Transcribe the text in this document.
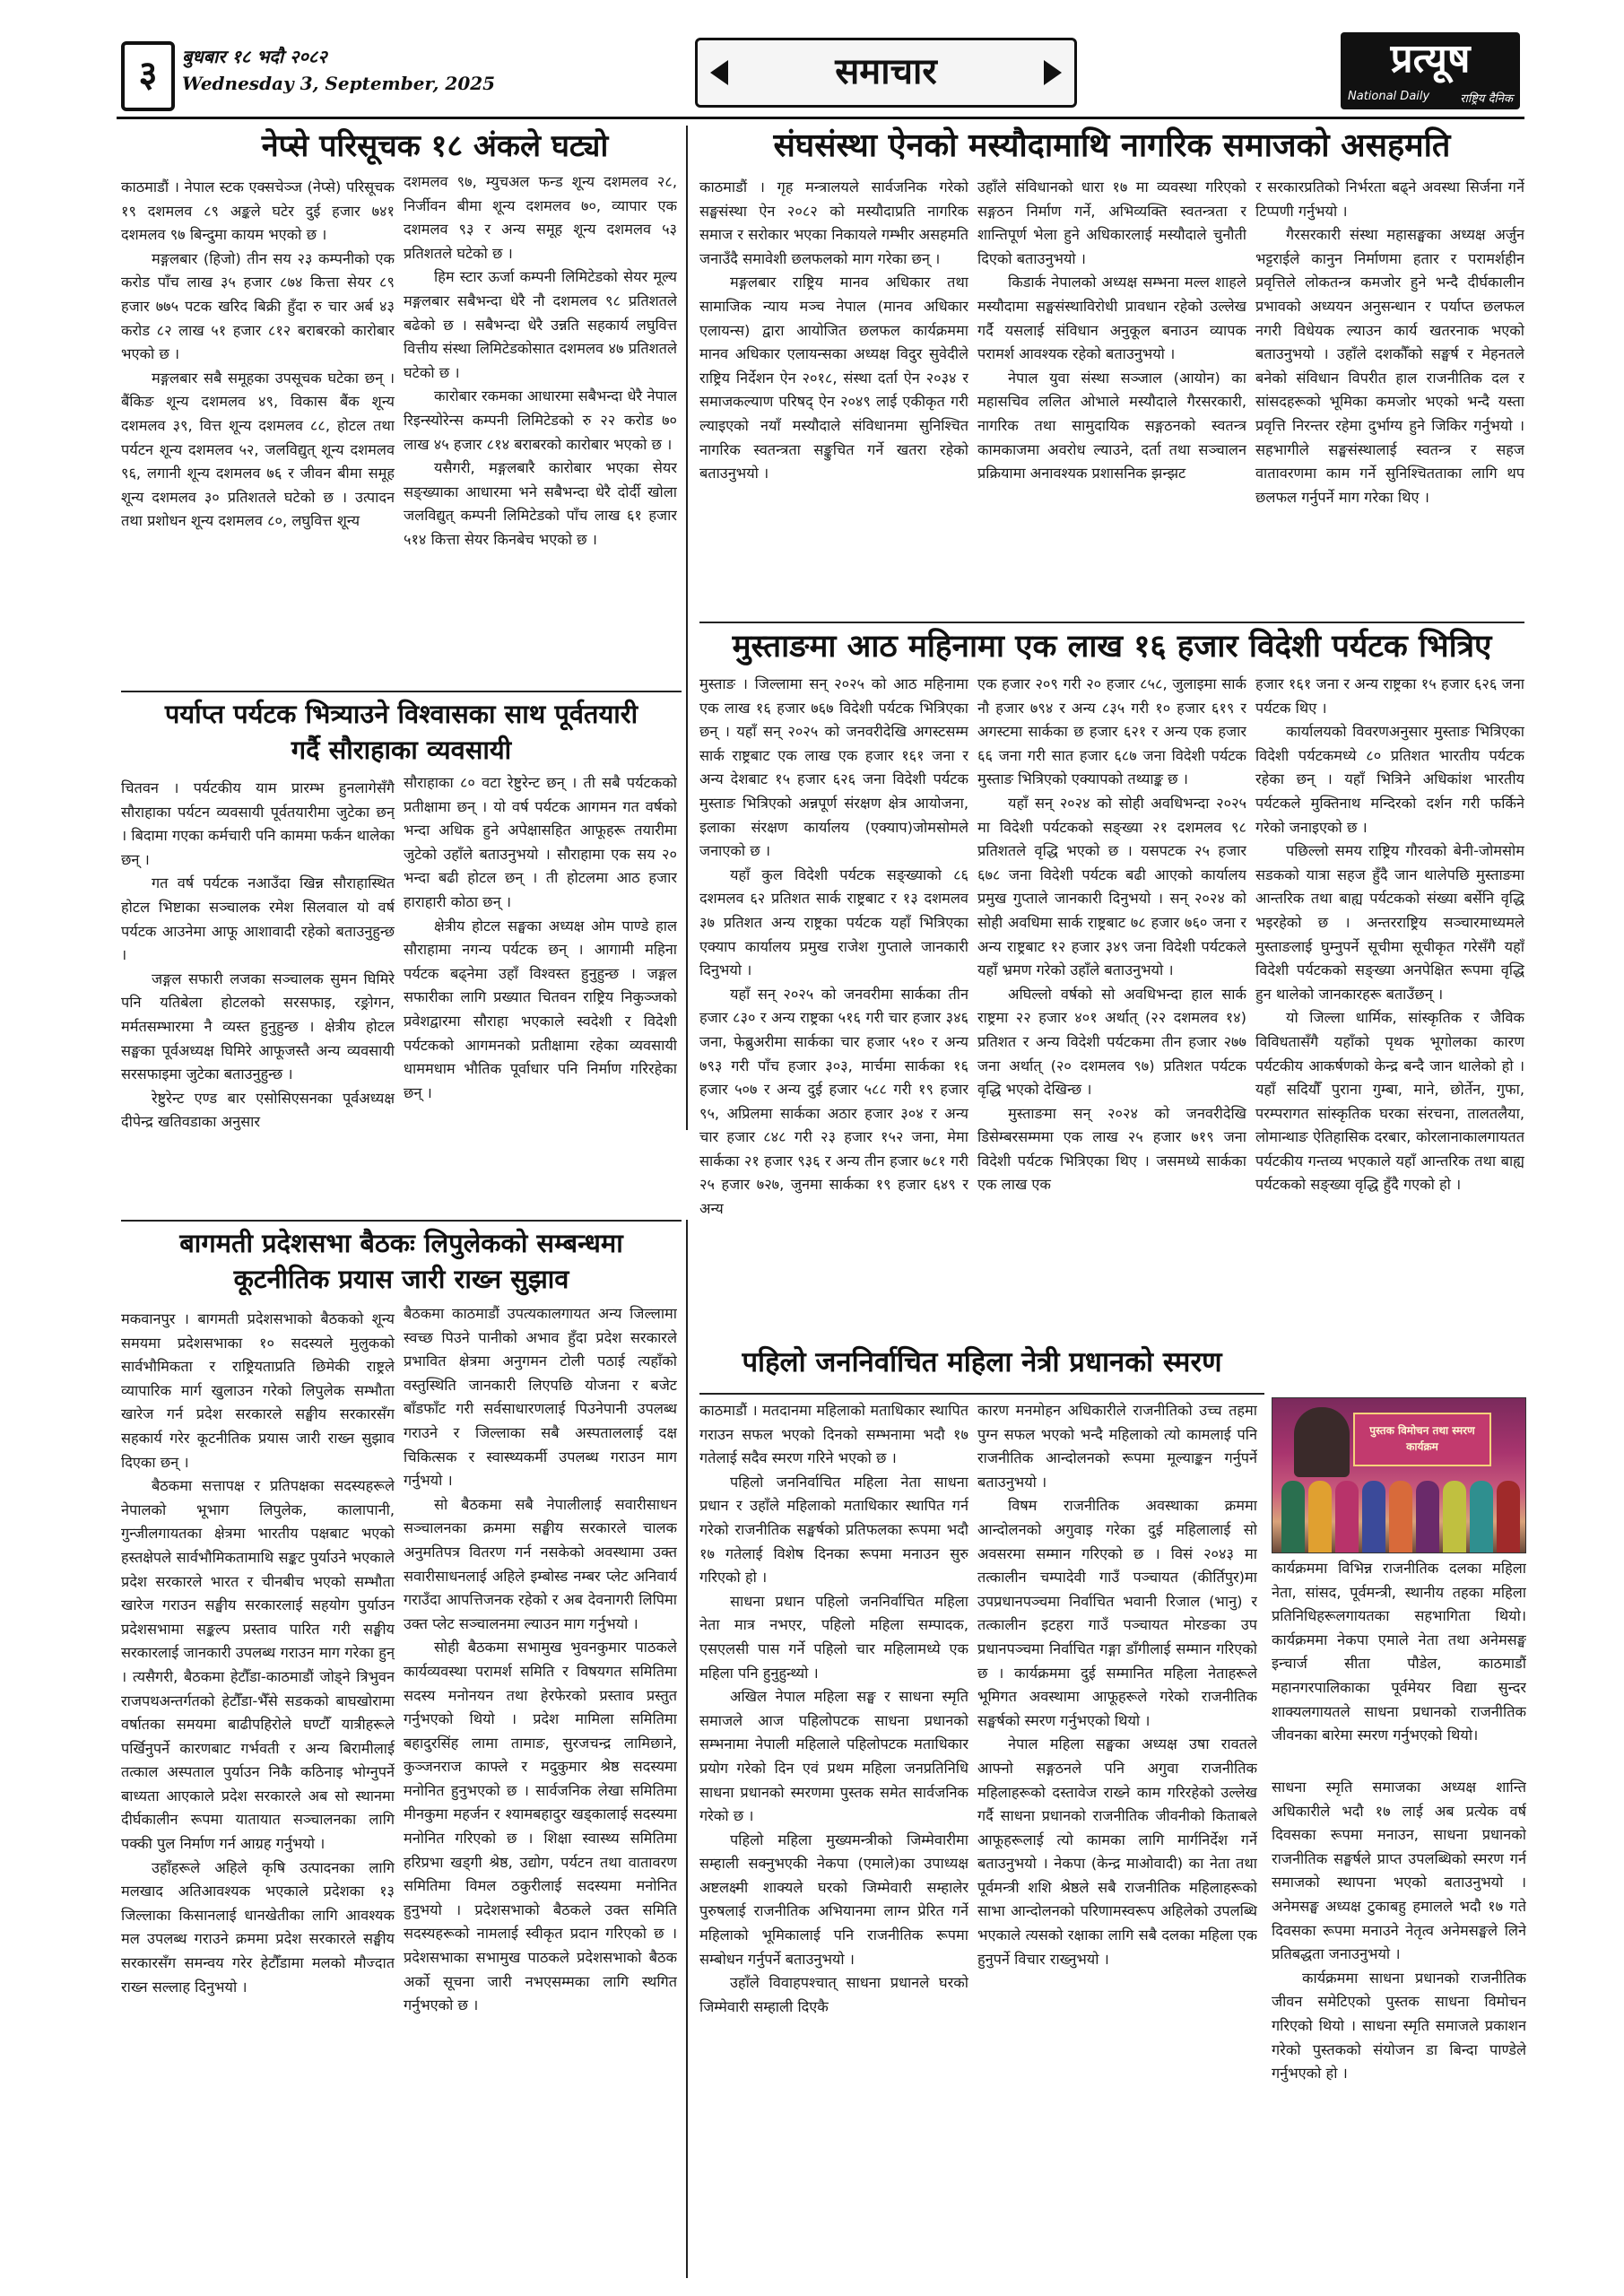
३	बुधबार १८ भदौ २०८२
Wednesday 3, September, 2025	समाचार	प्रत्यूष
National Daily	राष्ट्रिय दैनिक
नेप्से परिसूचक १८ अंकले घट्यो

काठमाडौं । नेपाल स्टक एक्सचेञ्ज (नेप्से) परिसूचक १९ दशमलव ८९ अङ्कले घटेर दुई हजार ७४१ दशमलव ९७ बिन्दुमा कायम भएको छ ।

मङ्गलबार (हिजो) तीन सय २३ कम्पनीको एक करोड पाँच लाख ३५ हजार ८७४ कित्ता सेयर ८९ हजार ७७५ पटक खरिद बिक्री हुँदा रु चार अर्ब ४३ करोड ८२ लाख ५१ हजार ८१२ बराबरको कारोबार भएको छ ।

मङ्गलबार सबै समूहका उपसूचक घटेका छन् । बैंकिङ शून्य दशमलव ४९, विकास बैंक शून्य दशमलव ३९, वित्त शून्य दशमलव ८८, होटल तथा पर्यटन शून्य दशमलव ५२, जलविद्युत् शून्य दशमलव ९६, लगानी शून्य दशमलव ७६ र जीवन बीमा समूह शून्य दशमलव ३० प्रतिशतले घटेको छ । उत्पादन तथा प्रशोधन शून्य दशमलव ८०, लघुवित्त शून्य

दशमलव ९७, म्युचअल फन्ड शून्य दशमलव २८, निर्जीवन बीमा शून्य दशमलव ७०, व्यापार एक दशमलव ९३ र अन्य समूह शून्य दशमलव ५३ प्रतिशतले घटेको छ ।

हिम स्टार ऊर्जा कम्पनी लिमिटेडको सेयर मूल्य मङ्गलबार सबैभन्दा धेरै नौ दशमलव ९८ प्रतिशतले बढेको छ । सबैभन्दा धेरै उन्नति सहकार्य लघुवित्त वित्तीय संस्था लिमिटेडकोसात दशमलव ४७ प्रतिशतले घटेको छ ।

कारोबार रकमका आधारमा सबैभन्दा धेरै नेपाल रिइन्स्योरेन्स कम्पनी लिमिटेडको रु २२ करोड ७० लाख ४५ हजार ८१४ बराबरको कारोबार भएको छ ।

यसैगरी, मङ्गलबारै कारोबार भएका सेयर सङ्ख्याका आधारमा भने सबैभन्दा धेरै दोर्दी खोला जलविद्युत् कम्पनी लिमिटेडको पाँच लाख ६१ हजार ५१४ कित्ता सेयर किनबेच भएको छ ।

संघसंस्था ऐनको मस्यौदामाथि नागरिक समाजको असहमति

काठमाडौं । गृह मन्त्रालयले सार्वजनिक गरेको सङ्घसंस्था ऐन २०८२ को मस्यौदाप्रति नागरिक समाज र सरोकार भएका निकायले गम्भीर असहमति जनाउँदै समावेशी छलफलको माग गरेका छन् ।

मङ्गलबार राष्ट्रिय मानव अधिकार तथा सामाजिक न्याय मञ्च नेपाल (मानव अधिकार एलायन्स) द्वारा आयोजित छलफल कार्यक्रममा मानव अधिकार एलायन्सका अध्यक्ष विदुर सुवेदीले राष्ट्रिय निर्देशन ऐन २०१८, संस्था दर्ता ऐन २०३४ र समाजकल्याण परिषद् ऐन २०४९ लाई एकीकृत गरी ल्याइएको नयाँ मस्यौदाले संविधानमा सुनिश्चित नागरिक स्वतन्त्रता सङ्कुचित गर्ने खतरा रहेको बताउनुभयो ।

उहाँले संविधानको धारा १७ मा व्यवस्था गरिएको सङ्गठन निर्माण गर्ने, अभिव्यक्ति स्वतन्त्रता र शान्तिपूर्ण भेला हुने अधिकारलाई मस्यौदाले चुनौती दिएको बताउनुभयो ।

किडार्क नेपालको अध्यक्ष सम्भना मल्ल शाहले मस्यौदामा सङ्घसंस्थाविरोधी प्रावधान रहेको उल्लेख गर्दै यसलाई संविधान अनुकूल बनाउन व्यापक परामर्श आवश्यक रहेको बताउनुभयो ।

नेपाल युवा संस्था सञ्जाल (आयोन) का महासचिव ललित ओभाले मस्यौदाले गैरसरकारी, नागरिक तथा सामुदायिक सङ्गठनको स्वतन्त्र कामकाजमा अवरोध ल्याउने, दर्ता तथा सञ्चालन प्रक्रियामा अनावश्यक प्रशासनिक झन्झट

र सरकारप्रतिको निर्भरता बढ्ने अवस्था सिर्जना गर्ने टिप्पणी गर्नुभयो ।

गैरसरकारी संस्था महासङ्घका अध्यक्ष अर्जुन भट्टराईले कानुन निर्माणमा हतार र परामर्शहीन प्रवृत्तिले लोकतन्त्र कमजोर हुने भन्दै दीर्घकालीन प्रभावको अध्ययन अनुसन्धान र पर्याप्त छलफल नगरी विधेयक ल्याउन कार्य खतरनाक भएको बताउनुभयो । उहाँले दशकौँको सङ्घर्ष र मेहनतले बनेको संविधान विपरीत हाल राजनीतिक दल र सांसदहरूको भूमिका कमजोर भएको भन्दै यस्ता प्रवृत्ति निरन्तर रहेमा दुर्भाग्य हुने जिकिर गर्नुभयो । सहभागीले सङ्घसंस्थालाई स्वतन्त्र र सहज वातावरणमा काम गर्ने सुनिश्चितताका लागि थप छलफल गर्नुपर्ने माग गरेका थिए ।

मुस्ताङमा आठ महिनामा एक लाख १६ हजार विदेशी पर्यटक भित्रिए

मुस्ताङ । जिल्लामा सन् २०२५ को आठ महिनामा एक लाख १६ हजार ७६७ विदेशी पर्यटक भित्रिएका छन् । यहाँ सन् २०२५ को जनवरीदेखि अगस्टसम्म सार्क राष्ट्रबाट एक लाख एक हजार १६१ जना र अन्य देशबाट १५ हजार ६२६ जना विदेशी पर्यटक मुस्ताङ भित्रिएको अन्नपूर्ण संरक्षण क्षेत्र आयोजना, इलाका संरक्षण कार्यालय (एक्याप)जोमसोमले जनाएको छ ।

यहाँ कुल विदेशी पर्यटक सङ्ख्याको ८६ दशमलव ६२ प्रतिशत सार्क राष्ट्रबाट र १३ दशमलव ३७ प्रतिशत अन्य राष्ट्रका पर्यटक यहाँ भित्रिएका एक्याप कार्यालय प्रमुख राजेश गुप्ताले जानकारी दिनुभयो ।

यहाँ सन् २०२५ को जनवरीमा सार्कका तीन हजार ८३० र अन्य राष्ट्रका ५१६ गरी चार हजार ३४६ जना, फेब्रुअरीमा सार्कका चार हजार ५१० र अन्य ७९३ गरी पाँच हजार ३०३, मार्चमा सार्कका १६ हजार ५०७ र अन्य दुई हजार ५८८ गरी १९ हजार ९५, अप्रिलमा सार्कका अठार हजार ३०४ र अन्य चार हजार ८४८ गरी २३ हजार १५२ जना, मेमा सार्कका २१ हजार ९३६ र अन्य तीन हजार ७८१ गरी २५ हजार ७२७, जुनमा सार्कका १९ हजार ६४९ र अन्य

एक हजार २०९ गरी २० हजार ८५८, जुलाइमा सार्क नौ हजार ७९४ र अन्य ८३५ गरी १० हजार ६१९ र अगस्टमा सार्कका छ हजार ६२१ र अन्य एक हजार ६६ जना गरी सात हजार ६८७ जना विदेशी पर्यटक मुस्ताङ भित्रिएको एक्यापको तथ्याङ्क छ ।

यहाँ सन् २०२४ को सोही अवधिभन्दा २०२५ मा विदेशी पर्यटकको सङ्ख्या २१ दशमलव ९८ प्रतिशतले वृद्धि भएको छ । यसपटक २५ हजार ६७८ जना विदेशी पर्यटक बढी आएको कार्यालय प्रमुख गुप्ताले जानकारी दिनुभयो । सन् २०२४ को सोही अवधिमा सार्क राष्ट्रबाट ७८ हजार ७६० जना र अन्य राष्ट्रबाट १२ हजार ३४९ जना विदेशी पर्यटकले यहाँ भ्रमण गरेको उहाँले बताउनुभयो ।

अघिल्लो वर्षको सो अवधिभन्दा हाल सार्क राष्ट्रमा २२ हजार ४०१ अर्थात् (२२ दशमलव १४) प्रतिशत र अन्य विदेशी पर्यटकमा तीन हजार २७७ जना अर्थात् (२० दशमलव ९७) प्रतिशत पर्यटक वृद्धि भएको देखिन्छ ।

मुस्ताङमा सन् २०२४ को जनवरीदेखि डिसेम्बरसम्ममा एक लाख २५ हजार ७१९ जना विदेशी पर्यटक भित्रिएका थिए । जसमध्ये सार्कका एक लाख एक

हजार १६१ जना र अन्य राष्ट्रका १५ हजार ६२६ जना पर्यटक थिए ।

कार्यालयको विवरणअनुसार मुस्ताङ भित्रिएका विदेशी पर्यटकमध्ये ८० प्रतिशत भारतीय पर्यटक रहेका छन् । यहाँ भित्रिने अधिकांश भारतीय पर्यटकले मुक्तिनाथ मन्दिरको दर्शन गरी फर्किने गरेको जनाइएको छ ।

पछिल्लो समय राष्ट्रिय गौरवको बेनी-जोमसोम सडकको यात्रा सहज हुँदै जान थालेपछि मुस्ताङमा आन्तरिक तथा बाह्य पर्यटकको संख्या बर्सेनि वृद्धि भइरहेको छ । अन्तरराष्ट्रिय सञ्चारमाध्यमले मुस्ताङलाई घुम्नुपर्ने सूचीमा सूचीकृत गरेसँगै यहाँ विदेशी पर्यटकको सङ्ख्या अनपेक्षित रूपमा वृद्धि हुन थालेको जानकारहरू बताउँछन् ।

यो जिल्ला धार्मिक, सांस्कृतिक र जैविक विविधतासँगै यहाँको पृथक भूगोलका कारण पर्यटकीय आकर्षणको केन्द्र बन्दै जान थालेको हो । यहाँ सदियौँ पुराना गुम्बा, माने, छोर्तेन, गुफा, परम्परागत सांस्कृतिक घरका संरचना, तालतलैया, लोमान्थाङ ऐतिहासिक दरबार, कोरलानाकालगायतत पर्यटकीय गन्तव्य भएकाले यहाँ आन्तरिक तथा बाह्य पर्यटकको सङ्ख्या वृद्धि हुँदै गएको हो ।

पर्याप्त पर्यटक भित्र्याउने विश्वासका साथ पूर्वतयारी
गर्दै सौराहाका व्यवसायी

चितवन । पर्यटकीय याम प्रारम्भ हुनलागेसँगै सौराहाका पर्यटन व्यवसायी पूर्वतयारीमा जुटेका छन् । बिदामा गएका कर्मचारी पनि काममा फर्कन थालेका छन् ।

गत वर्ष पर्यटक नआउँदा खिन्न सौराहास्थित होटल भिष्टाका सञ्चालक रमेश सिलवाल यो वर्ष पर्यटक आउनेमा आफू आशावादी रहेको बताउनुहुन्छ ।

जङ्गल सफारी लजका सञ्चालक सुमन घिमिरे पनि यतिबेला होटलको सरसफाइ, रङ्रोगन, मर्मतसम्भारमा नै व्यस्त हुनुहुन्छ । क्षेत्रीय होटल सङ्घका पूर्वअध्यक्ष घिमिरे आफूजस्तै अन्य व्यवसायी सरसफाइमा जुटेका बताउनुहुन्छ ।

रेष्टुरेन्ट एण्ड बार एसोसिएसनका पूर्वअध्यक्ष दीपेन्द्र खतिवडाका अनुसार

सौराहाका ८० वटा रेष्टुरेन्ट छन् । ती सबै पर्यटकको प्रतीक्षामा छन् । यो वर्ष पर्यटक आगमन गत वर्षको भन्दा अधिक हुने अपेक्षासहित आफूहरू तयारीमा जुटेको उहाँले बताउनुभयो । सौराहामा एक सय २० भन्दा बढी होटल छन् । ती होटलमा आठ हजार हाराहारी कोठा छन् ।

क्षेत्रीय होटल सङ्घका अध्यक्ष ओम पाण्डे हाल सौराहामा नगन्य पर्यटक छन् । आगामी महिना पर्यटक बढ्नेमा उहाँ विश्वस्त हुनुहुन्छ । जङ्गल सफारीका लागि प्रख्यात चितवन राष्ट्रिय निकुञ्जको प्रवेशद्वारमा सौराहा भएकाले स्वदेशी र विदेशी पर्यटकको आगमनको प्रतीक्षामा रहेका व्यवसायी धाममधाम भौतिक पूर्वाधार पनि निर्माण गरिरहेका छन् ।

बागमती प्रदेशसभा बैठकः लिपुलेकको सम्बन्धमा
कूटनीतिक प्रयास जारी राख्न सुझाव

मकवानपुर । बागमती प्रदेशसभाको बैठकको शून्य समयमा प्रदेशसभाका १० सदस्यले मुलुकको सार्वभौमिकता र राष्ट्रियताप्रति छिमेकी राष्ट्रले व्यापारिक मार्ग खुलाउन गरेको लिपुलेक सम्भौता खारेज गर्न प्रदेश सरकारले सङ्घीय सरकारसँग सहकार्य गरेर कूटनीतिक प्रयास जारी राख्न सुझाव दिएका छन् ।

बैठकमा सत्तापक्ष र प्रतिपक्षका सदस्यहरूले नेपालको भूभाग लिपुलेक, कालापानी, गुन्जीलगायतका क्षेत्रमा भारतीय पक्षबाट भएको हस्तक्षेपले सार्वभौमिकतामाथि सङ्कट पुर्याउने भएकाले प्रदेश सरकारले भारत र चीनबीच भएको सम्भौता खारेज गराउन सङ्घीय सरकारलाई सहयोग पुर्याउन प्रदेशसभामा सङ्कल्प प्रस्ताव पारित गरी सङ्घीय सरकारलाई जानकारी उपलब्ध गराउन माग गरेका हुन् । त्यसैगरी, बैठकमा हेटौँडा-काठमाडौं जोड्ने त्रिभुवन राजपथअन्तर्गतको हेटौँडा-भैँसे सडकको बाघखोरामा वर्षातका समयमा बाढीपहिरोले घण्टौँ यात्रीहरूले पर्खिनुपर्ने कारणबाट गर्भवती र अन्य बिरामीलाई तत्काल अस्पताल पुर्याउन निकै कठिनाइ भोग्नुपर्ने बाध्यता आएकाले प्रदेश सरकारले अब सो स्थानमा दीर्घकालीन रूपमा यातायात सञ्चालनका लागि पक्की पुल निर्माण गर्न आग्रह गर्नुभयो ।

उहाँहरूले अहिले कृषि उत्पादनका लागि मलखाद अतिआवश्यक भएकाले प्रदेशका १३ जिल्लाका किसानलाई धानखेतीका लागि आवश्यक मल उपलब्ध गराउने क्रममा प्रदेश सरकारले सङ्घीय सरकारसँग समन्वय गरेर हेटौँडामा मलको मौज्दात राख्न सल्लाह दिनुभयो ।

बैठकमा काठमाडौं उपत्यकालगायत अन्य जिल्लामा स्वच्छ पिउने पानीको अभाव हुँदा प्रदेश सरकारले प्रभावित क्षेत्रमा अनुगमन टोली पठाई त्यहाँको वस्तुस्थिति जानकारी लिएपछि योजना र बजेट बाँडफाँट गरी सर्वसाधारणलाई पिउनेपानी उपलब्ध गराउने र जिल्लाका सबै अस्पताललाई दक्ष चिकित्सक र स्वास्थ्यकर्मी उपलब्ध गराउन माग गर्नुभयो ।

सो बैठकमा सबै नेपालीलाई सवारीसाधन सञ्चालनका क्रममा सङ्घीय सरकारले चालक अनुमतिपत्र वितरण गर्न नसकेको अवस्थामा उक्त सवारीसाधनलाई अहिले इम्बोस्ड नम्बर प्लेट अनिवार्य गराउँदा आपत्तिजनक रहेको र अब देवनागरी लिपिमा उक्त प्लेट सञ्चालनमा ल्याउन माग गर्नुभयो ।

सोही बैठकमा सभामुख भुवनकुमार पाठकले कार्यव्यवस्था परामर्श समिति र विषयगत समितिमा सदस्य मनोनयन तथा हेरफेरको प्रस्ताव प्रस्तुत गर्नुभएको थियो । प्रदेश मामिला समितिमा बहादुरसिंह लामा तामाङ, सुरजचन्द्र लामिछाने, कुञ्जनराज काफ्ले र मदुकुमार श्रेष्ठ सदस्यमा मनोनित हुनुभएको छ । सार्वजनिक लेखा समितिमा मीनकुमा महर्जन र श्यामबहादुर खड्कालाई सदस्यमा मनोनित गरिएको छ । शिक्षा स्वास्थ्य समितिमा हरिप्रभा खड्गी श्रेष्ठ, उद्योग, पर्यटन तथा वातावरण समितिमा विमल ठकुरीलाई सदस्यमा मनोनित हुनुभयो । प्रदेशसभाको बैठकले उक्त समिति सदस्यहरूको नामलाई स्वीकृत प्रदान गरिएको छ । प्रदेशसभाका सभामुख पाठकले प्रदेशसभाको बैठक अर्को सूचना जारी नभएसम्मका लागि स्थगित गर्नुभएको छ ।

पहिलो जननिर्वाचित महिला नेत्री प्रधानको स्मरण

काठमाडौं । मतदानमा महिलाको मताधिकार स्थापित गराउन सफल भएको दिनको सम्भनामा भदौ १७ गतेलाई सदैव स्मरण गरिने भएको छ ।

पहिलो जननिर्वाचित महिला नेता साधना प्रधान र उहाँले महिलाको मताधिकार स्थापित गर्न गरेको राजनीतिक सङ्घर्षको प्रतिफलका रूपमा भदौ १७ गतेलाई विशेष दिनका रूपमा मनाउन सुरु गरिएको हो ।

साधना प्रधान पहिलो जननिर्वाचित महिला नेता मात्र नभएर, पहिलो महिला सम्पादक, एसएलसी पास गर्ने पहिलो चार महिलामध्ये एक महिला पनि हुनुहुन्थ्यो ।

अखिल नेपाल महिला सङ्घ र साधना स्मृति समाजले आज पहिलोपटक साधना प्रधानको सम्भनामा नेपाली महिलाले पहिलोपटक मताधिकार प्रयोग गरेको दिन एवं प्रथम महिला जनप्रतिनिधि साधना प्रधानको स्मरणमा पुस्तक समेत सार्वजनिक गरेको छ ।

पहिलो महिला मुख्यमन्त्रीको जिम्मेवारीमा सम्हाली सक्नुभएकी नेकपा (एमाले)का उपाध्यक्ष अष्टलक्ष्मी शाक्यले घरको जिम्मेवारी सम्हालेर पुरुषलाई राजनीतिक अभियानमा लाग्न प्रेरित गर्ने महिलाको भूमिकालाई पनि राजनीतिक रूपमा सम्बोधन गर्नुपर्ने बताउनुभयो ।

उहाँले विवाहपश्चात् साधना प्रधानले घरको जिम्मेवारी सम्हाली दिएकै

कारण मनमोहन अधिकारीले राजनीतिको उच्च तहमा पुग्न सफल भएको भन्दै महिलाको त्यो कामलाई पनि राजनीतिक आन्दोलनको रूपमा मूल्याङ्कन गर्नुपर्ने बताउनुभयो ।

विषम राजनीतिक अवस्थाका क्रममा आन्दोलनको अगुवाइ गरेका दुई महिलालाई सो अवसरमा सम्मान गरिएको छ । विसं २०४३ मा तत्कालीन चम्पादेवी गाउँ पञ्चायत (कीर्तिपुर)मा उपप्रधानपञ्चमा निर्वाचित भवानी रिजाल (भानु) र तत्कालीन इटहरा गाउँ पञ्चायत मोरङका उप प्रधानपञ्चमा निर्वाचित गङ्गा डाँगीलाई सम्मान गरिएको छ । कार्यक्रममा दुई सम्मानित महिला नेताहरूले भूमिगत अवस्थामा आफूहरूले गरेको राजनीतिक सङ्घर्षको स्मरण गर्नुभएको थियो ।

नेपाल महिला सङ्घका अध्यक्ष उषा रावतले आफ्नो सङ्गठनले पनि अगुवा राजनीतिक महिलाहरूको दस्तावेज राख्ने काम गरिरहेको उल्लेख गर्दै साधना प्रधानको राजनीतिक जीवनीको किताबले आफूहरूलाई त्यो कामका लागि मार्गनिर्देश गर्ने बताउनुभयो । नेकपा (केन्द्र माओवादी) का नेता तथा पूर्वमन्त्री शशि श्रेष्ठले सबै राजनीतिक महिलाहरूको साभा आन्दोलनको परिणामस्वरूप अहिलेको उपलब्धि भएकाले त्यसको रक्षाका लागि सबै दलका महिला एक हुनुपर्ने विचार राख्नुभयो ।

पुस्तक विमोचन तथा स्मरण कार्यक्रम

कार्यक्रममा विभिन्न राजनीतिक दलका महिला नेता, सांसद, पूर्वमन्त्री, स्थानीय तहका महिला प्रतिनिधिहरूलगायतका सहभागिता थियो। कार्यक्रममा नेकपा एमाले नेता तथा अनेमसङ्घ इन्चार्ज सीता पौडेल, काठमाडौं महानगरपालिकाका पूर्वमेयर विद्या सुन्दर शाक्यलगायतले साधना प्रधानको राजनीतिक जीवनका बारेमा स्मरण गर्नुभएको थियो।

साधना स्मृति समाजका अध्यक्ष शान्ति अधिकारीले भदौ १७ लाई अब प्रत्येक वर्ष दिवसका रूपमा मनाउन, साधना प्रधानको राजनीतिक सङ्घर्षले प्राप्त उपलब्धिको स्मरण गर्न समाजको स्थापना भएको बताउनुभयो । अनेमसङ्घ अध्यक्ष टुकाबहु हमालले भदौ १७ गते दिवसका रूपमा मनाउने नेतृत्व अनेमसङ्घले लिने प्रतिबद्धता जनाउनुभयो ।

कार्यक्रममा साधना प्रधानको राजनीतिक जीवन समेटिएको पुस्तक साधना विमोचन गरिएको थियो । साधना स्मृति समाजले प्रकाशन गरेको पुस्तकको संयोजन डा बिन्दा पाण्डेले गर्नुभएको हो ।
